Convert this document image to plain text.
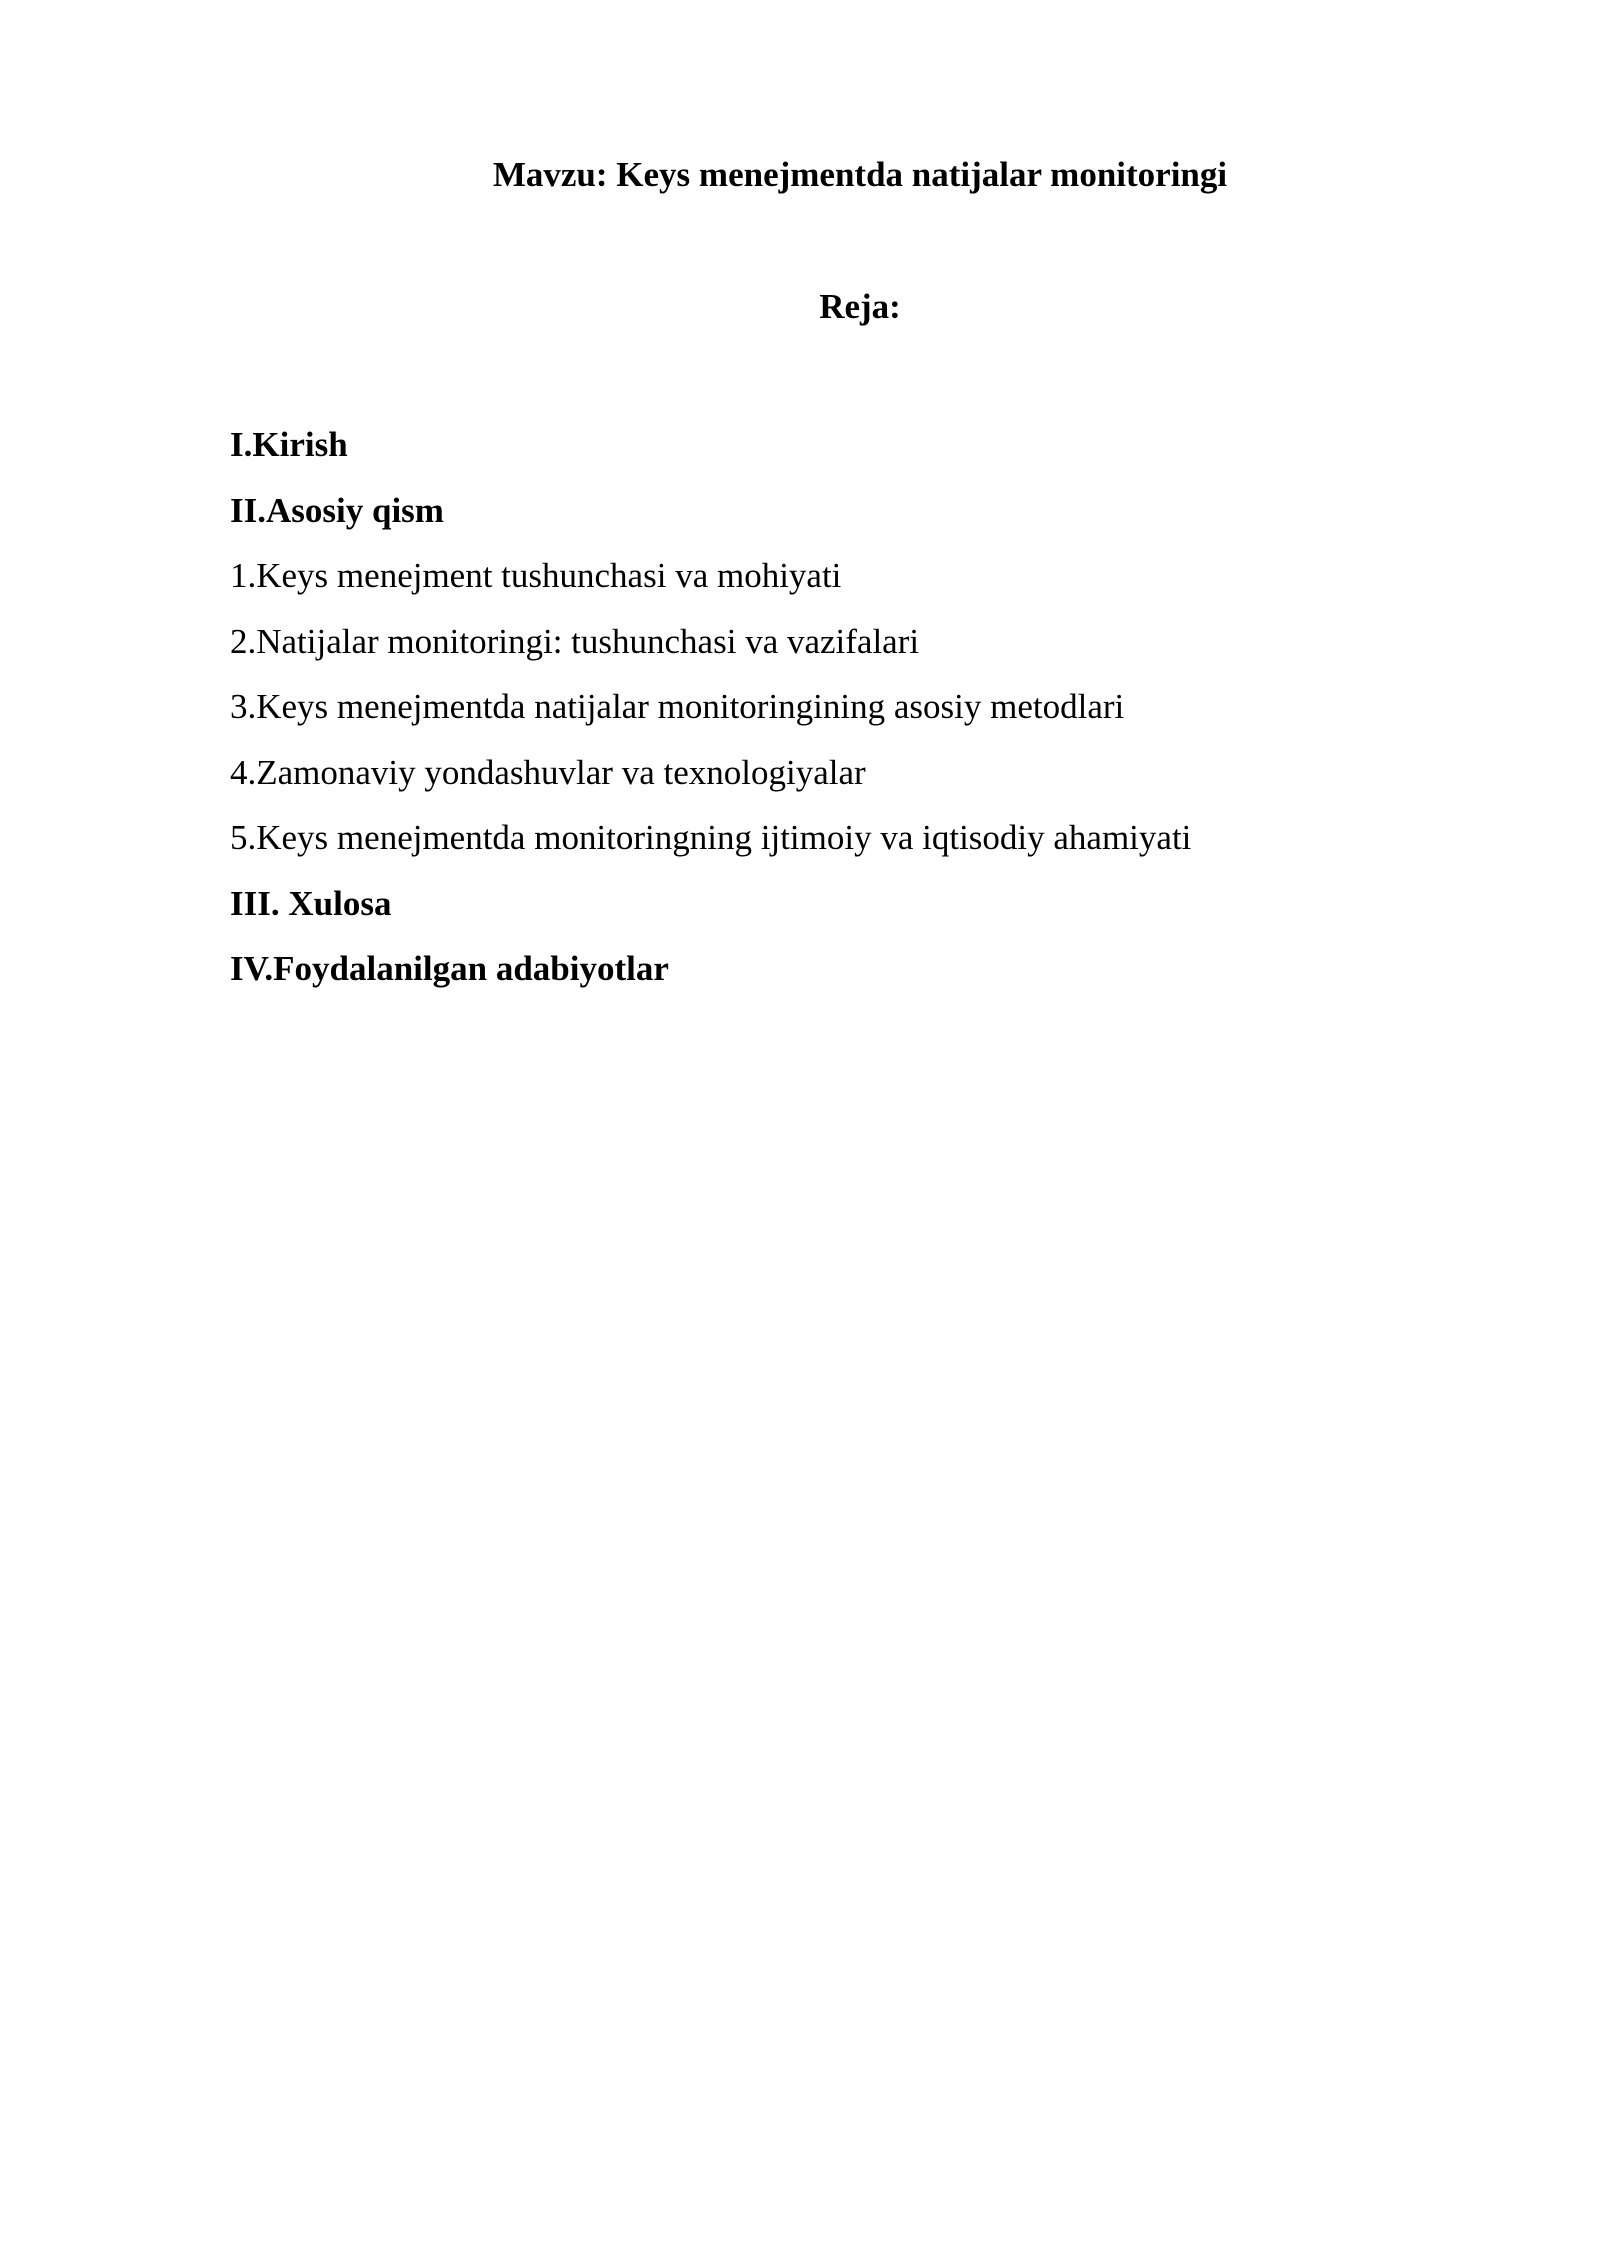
Mavzu: Keys menejmentda natijalar monitoringi
Reja:
I.Kirish
II.Asosiy qism
1.Keys menejment tushunchasi va mohiyati
2.Natijalar monitoringi: tushunchasi va vazifalari
3.Keys menejmentda natijalar monitoringining asosiy metodlari
4.Zamonaviy yondashuvlar va texnologiyalar
5.Keys menejmentda monitoringning ijtimoiy va iqtisodiy ahamiyati
III. Xulosa
IV.Foydalanilgan adabiyotlar
